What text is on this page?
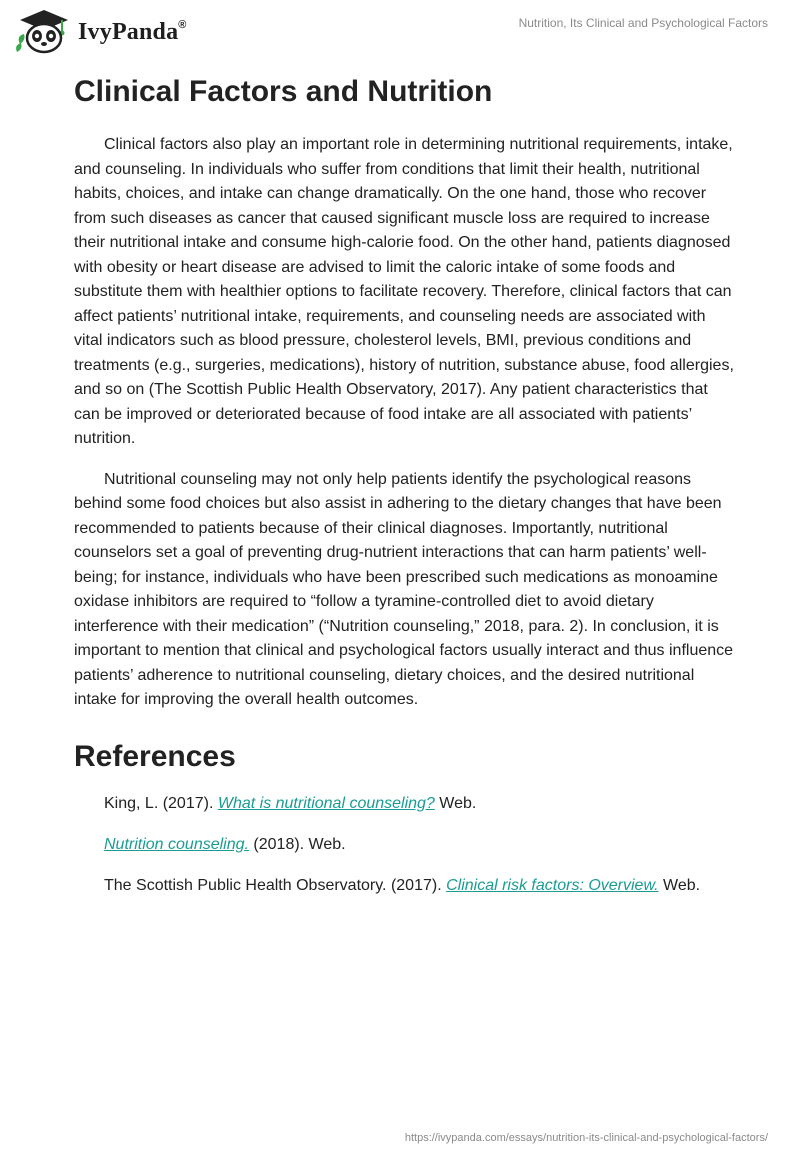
IvyPanda®	Nutrition, Its Clinical and Psychological Factors
Clinical Factors and Nutrition

Clinical factors also play an important role in determining nutritional requirements, intake, and counseling. In individuals who suffer from conditions that limit their health, nutritional habits, choices, and intake can change dramatically. On the one hand, those who recover from such diseases as cancer that caused significant muscle loss are required to increase their nutritional intake and consume high-calorie food. On the other hand, patients diagnosed with obesity or heart disease are advised to limit the caloric intake of some foods and substitute them with healthier options to facilitate recovery. Therefore, clinical factors that can affect patients’ nutritional intake, requirements, and counseling needs are associated with vital indicators such as blood pressure, cholesterol levels, BMI, previous conditions and treatments (e.g., surgeries, medications), history of nutrition, substance abuse, food allergies, and so on (The Scottish Public Health Observatory, 2017). Any patient characteristics that can be improved or deteriorated because of food intake are all associated with patients’ nutrition.

Nutritional counseling may not only help patients identify the psychological reasons behind some food choices but also assist in adhering to the dietary changes that have been recommended to patients because of their clinical diagnoses. Importantly, nutritional counselors set a goal of preventing drug-nutrient interactions that can harm patients’ well-being; for instance, individuals who have been prescribed such medications as monoamine oxidase inhibitors are required to “follow a tyramine-controlled diet to avoid dietary interference with their medication” (“Nutrition counseling,” 2018, para. 2). In conclusion, it is important to mention that clinical and psychological factors usually interact and thus influence patients’ adherence to nutritional counseling, dietary choices, and the desired nutritional intake for improving the overall health outcomes.

References

King, L. (2017). What is nutritional counseling? Web.

Nutrition counseling. (2018). Web.

The Scottish Public Health Observatory. (2017). Clinical risk factors: Overview. Web.

https://ivypanda.com/essays/nutrition-its-clinical-and-psychological-factors/
